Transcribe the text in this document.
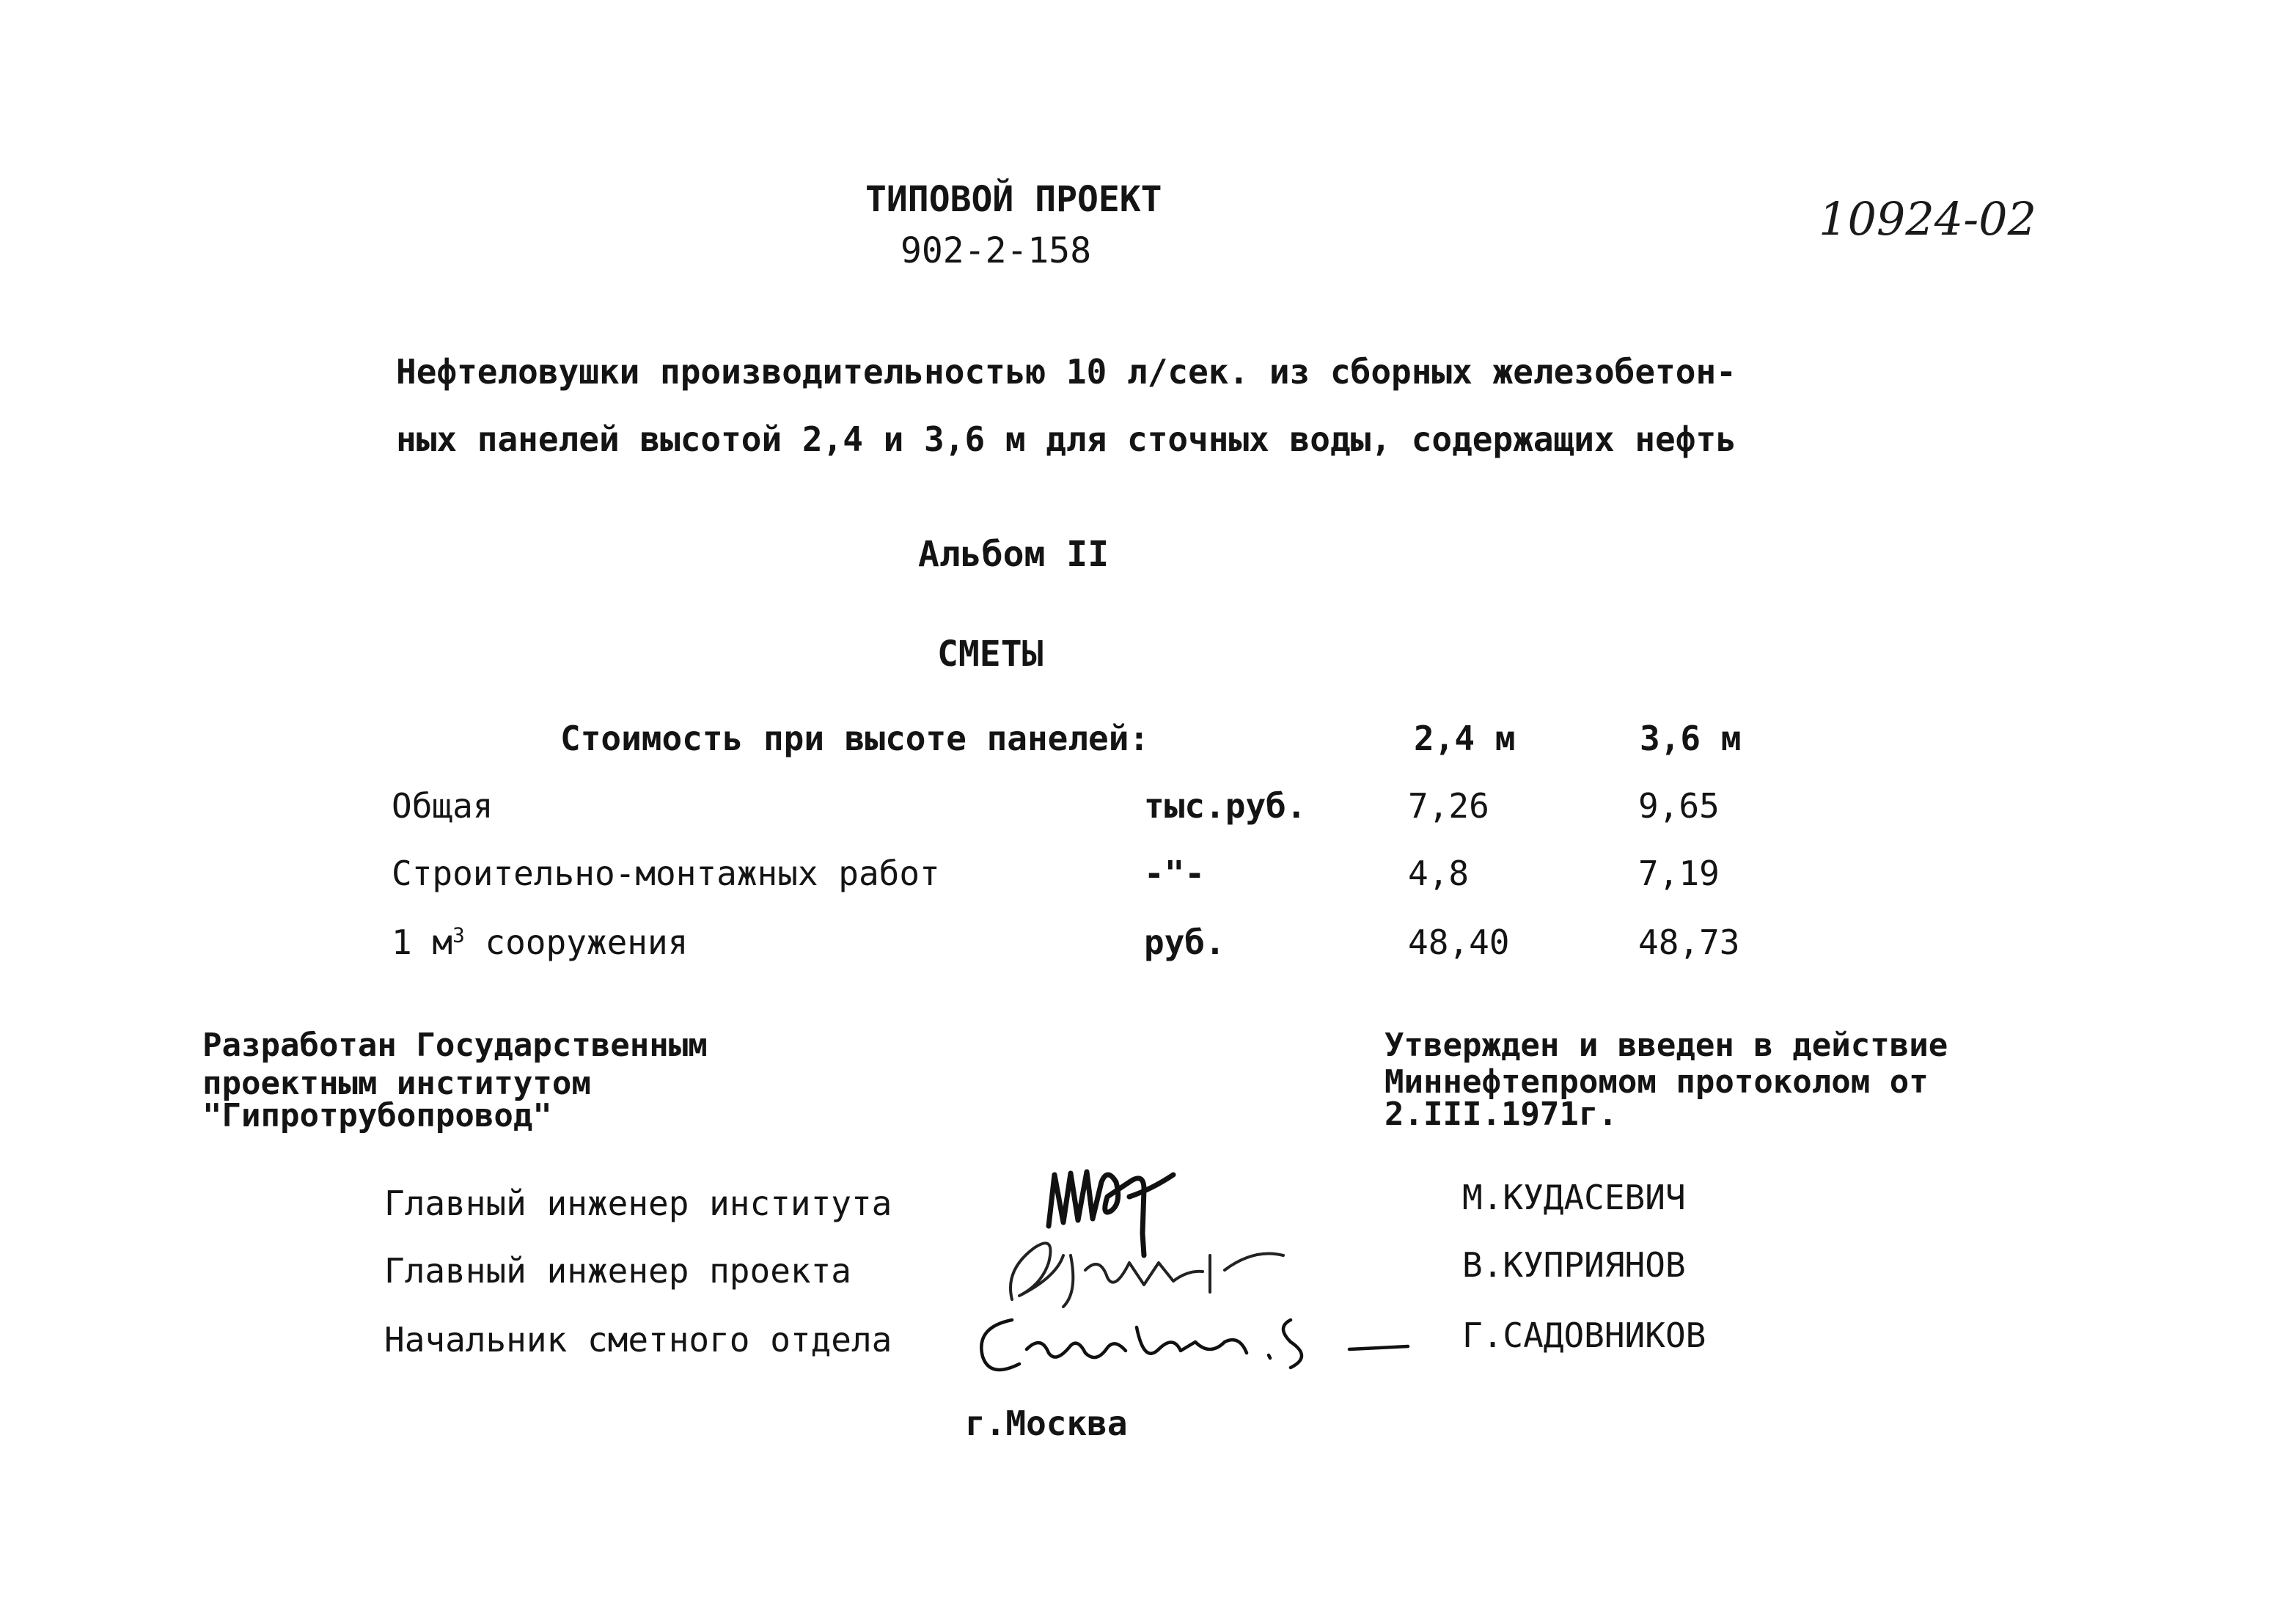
ТИПОВОЙ ПРОЕКТ
902-2-158
10924-02
Нефтеловушки производительностью 10 л/сек. из сборных железобетон-
ных панелей высотой 2,4 и 3,6 м для сточных воды, содержащих нефть
Альбом II
СМЕТЫ
Стоимость при высоте панелей:	2,4 м	3,6 м
Общая	тыс.руб.	7,26	9,65
Строительно-монтажных работ	-"-	4,8	7,19
1 $м^3$ сооружения	руб.	48,40	48,73
Разработан Государственным
проектным институтом
"Гипротрубопровод"
Утвержден и введен в действие
Миннефтепромом протоколом от
2.III.1971г.
Главный инженер института	М.КУДАСЕВИЧ
Главный инженер проекта	В.КУПРИЯНОВ
Начальник сметного отдела	Г.САДОВНИКОВ
г.Москва
